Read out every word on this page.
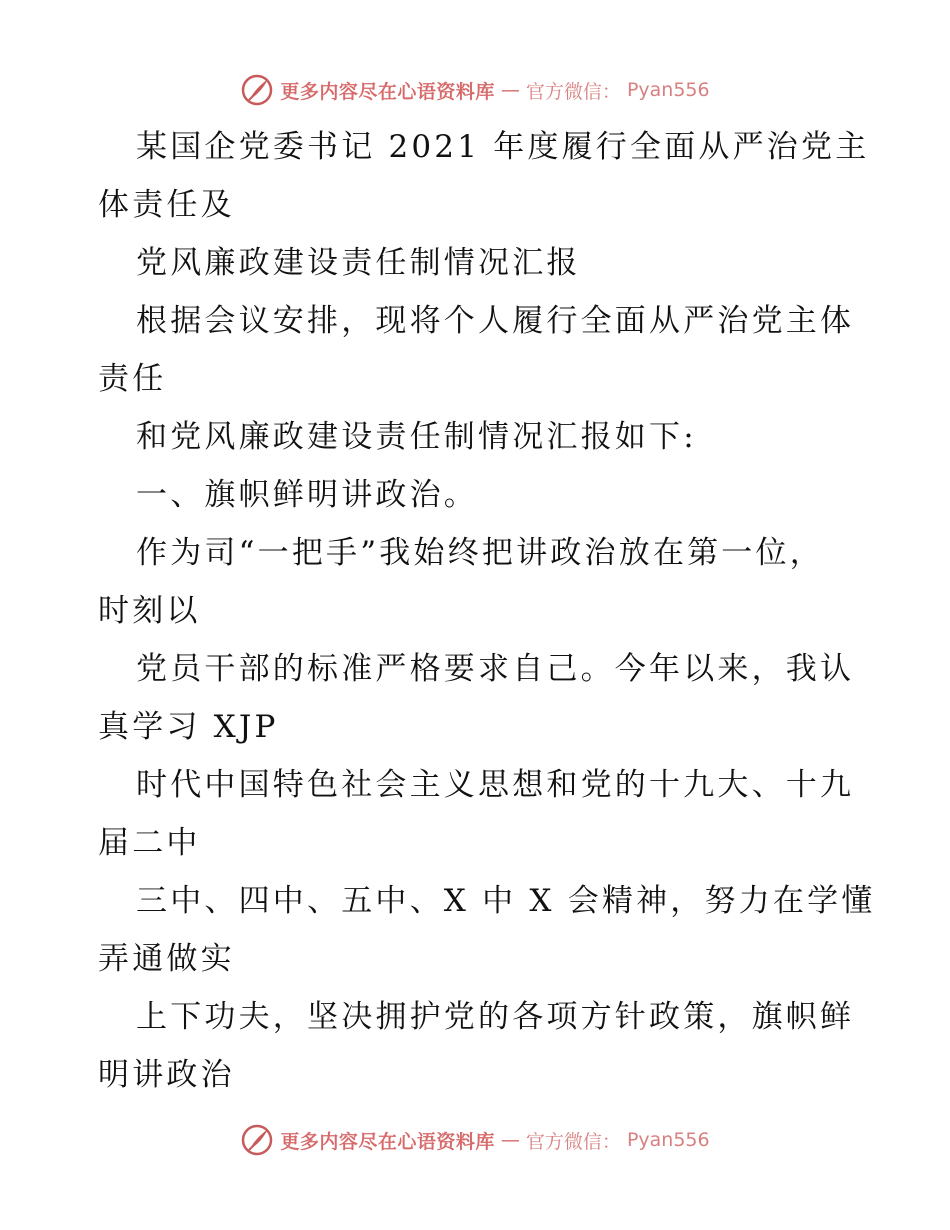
更多内容尽在心语资料库 — 官方微信： Pyan556
某国企党委书记 2021 年度履行全面从严治党主
体责任及
党风廉政建设责任制情况汇报
根据会议安排，现将个人履行全面从严治党主体
责任
和党风廉政建设责任制情况汇报如下:
一、旗帜鲜明讲政治。
作为司“一把手”我始终把讲政治放在第一位，
时刻以
党员干部的标准严格要求自己。今年以来，我认
真学习 XJP
时代中国特色社会主义思想和党的十九大、十九
届二中
三中、四中、五中、X 中 X 会精神，努力在学懂
弄通做实
上下功夫，坚决拥护党的各项方针政策，旗帜鲜
明讲政治
更多内容尽在心语资料库 — 官方微信： Pyan556
